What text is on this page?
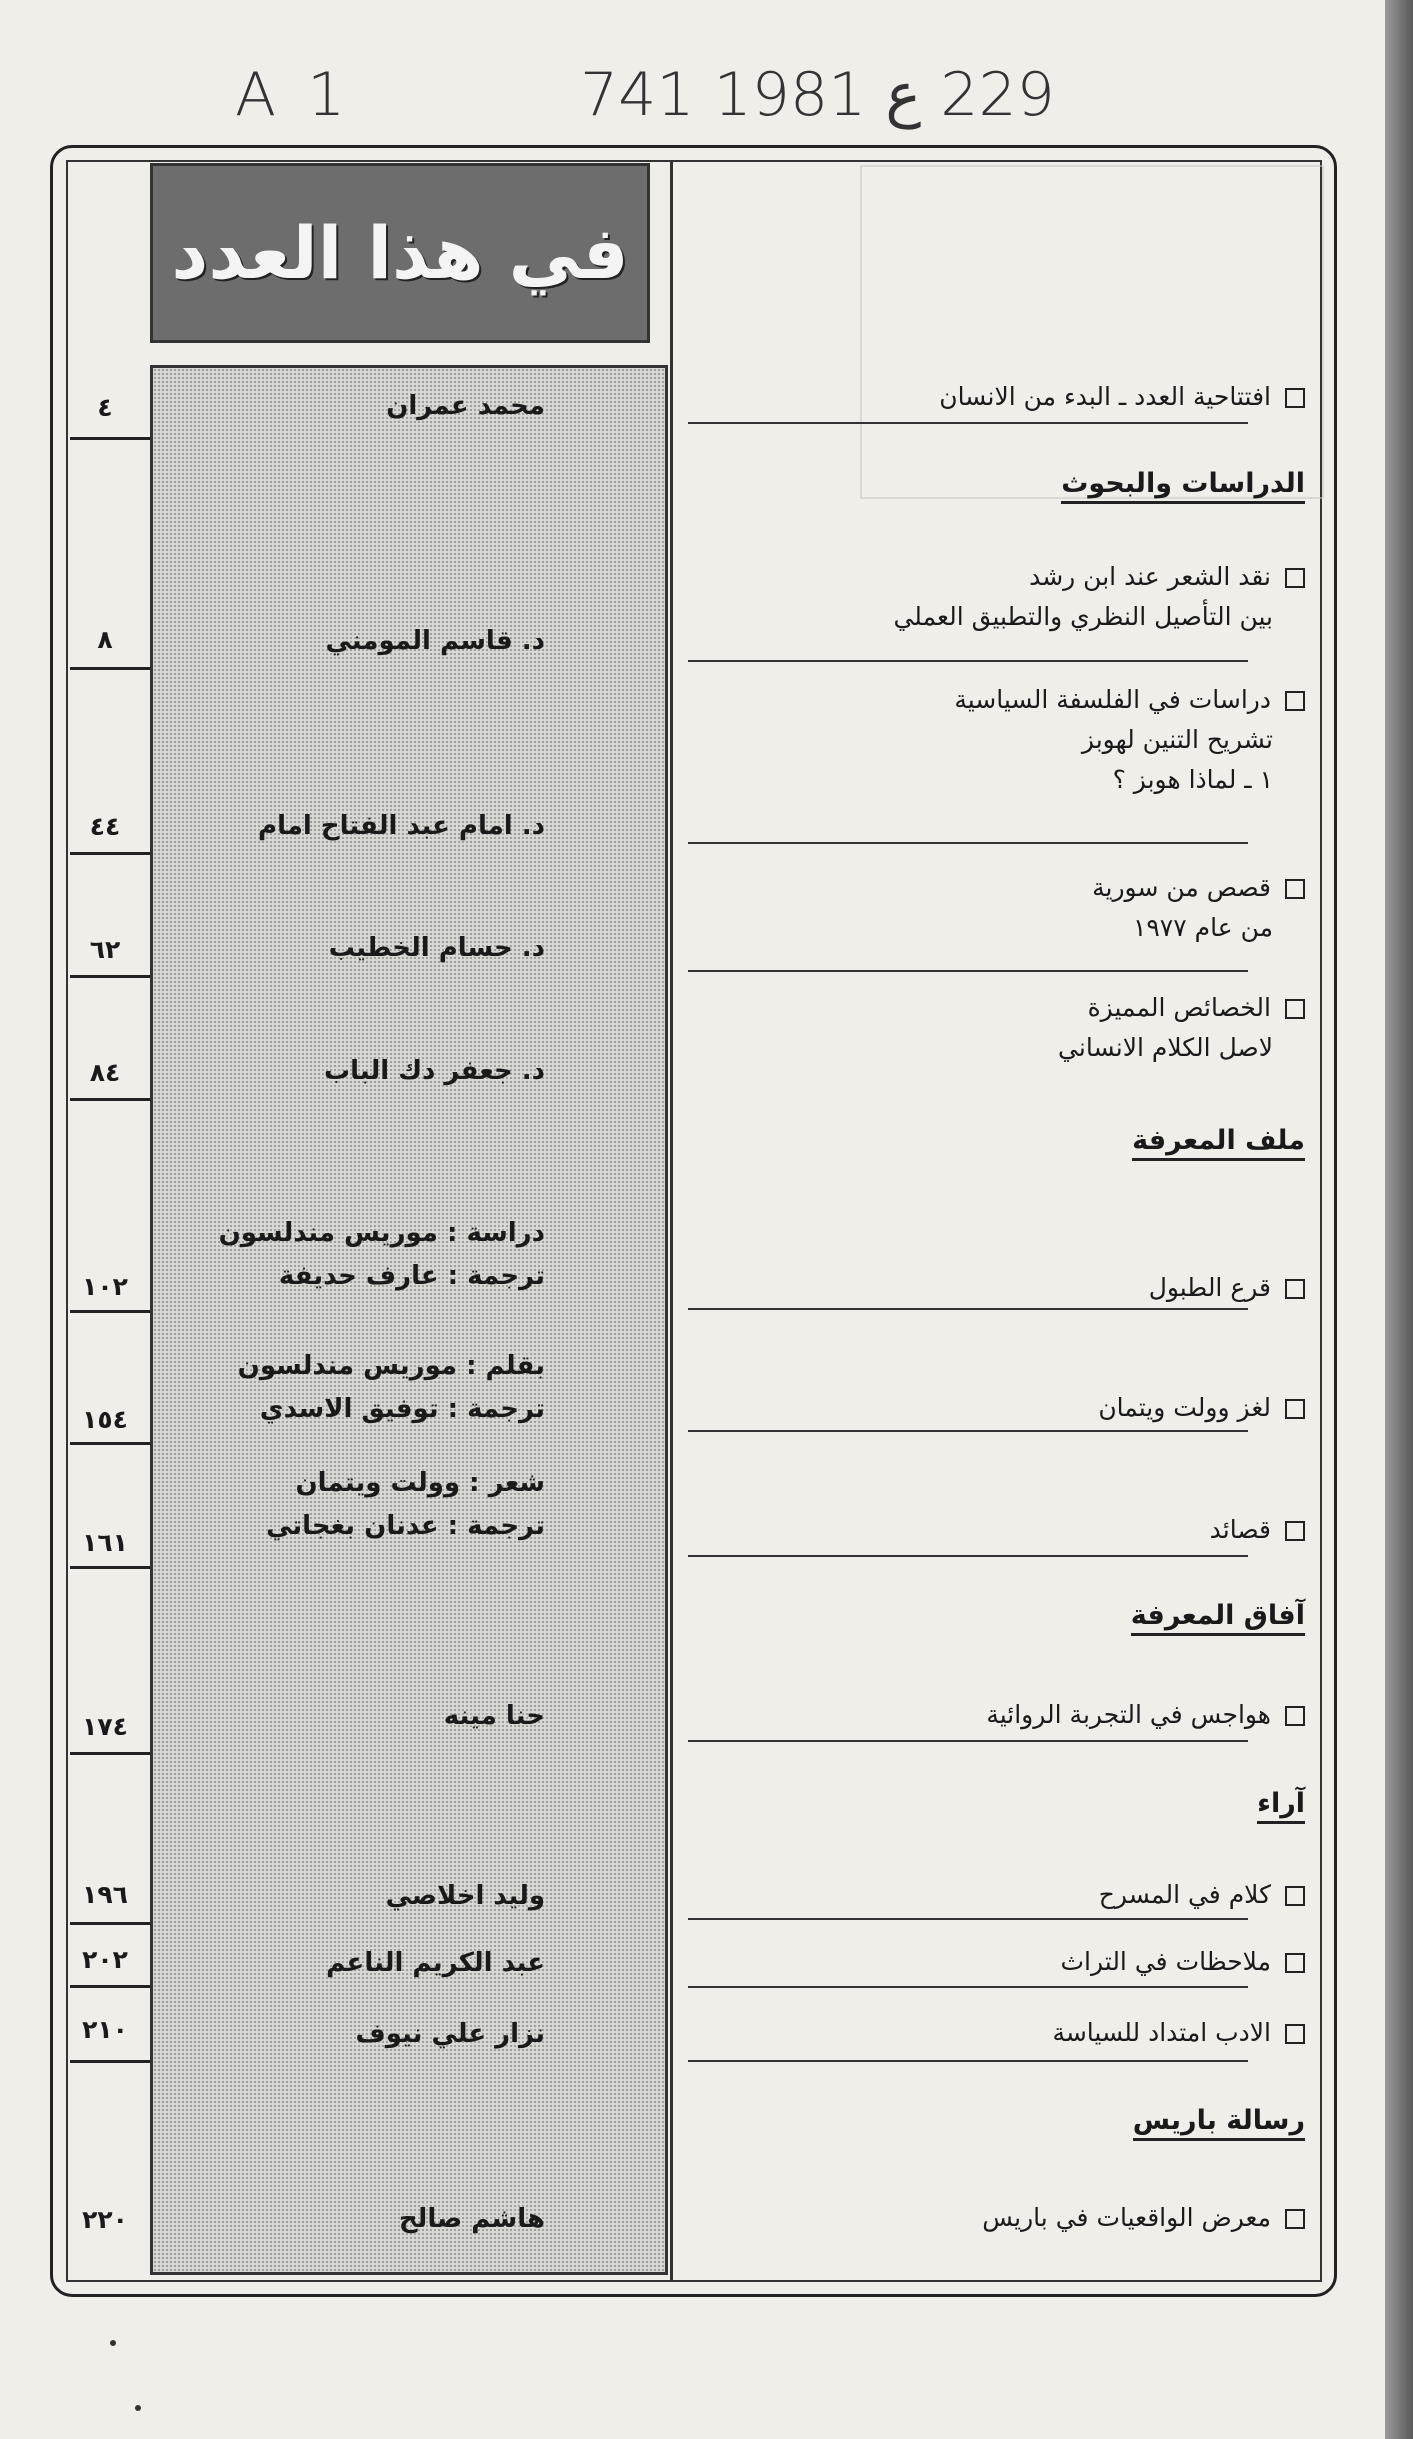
A 1	229 ع 1981 741
في هذا العدد
افتتاحية العدد ـ البدء من الانسان
محمد عمران
٤
الدراسات والبحوث
نقد الشعر عند ابن رشد
بين التأصيل النظري والتطبيق العملي
د. قاسم المومني
٨
دراسات في الفلسفة السياسية
تشريح التنين لهوبز
١ ـ لماذا هوبز ؟
د. امام عبد الفتاح امام
٤٤
قصص من سورية
من عام ١٩٧٧
د. حسام الخطيب
٦٢
الخصائص المميزة
لاصل الكلام الانساني
د. جعفر دك الباب
٨٤
ملف المعرفة
قرع الطبول
دراسة : موريس مندلسون
ترجمة : عارف حديفة
١٠٢
لغز وولت ويتمان
بقلم : موريس مندلسون
ترجمة : توفيق الاسدي
١٥٤
قصائد
شعر : وولت ويتمان
ترجمة : عدنان بغجاتي
١٦١
آفاق المعرفة
هواجس في التجربة الروائية
حنا مينه
١٧٤
آراء
كلام في المسرح
وليد اخلاصي
١٩٦
ملاحظات في التراث
عبد الكريم الناعم
٢٠٢
الادب امتداد للسياسة
نزار علي نيوف
٢١٠
رسالة باريس
معرض الواقعيات في باريس
هاشم صالح
٢٢٠
